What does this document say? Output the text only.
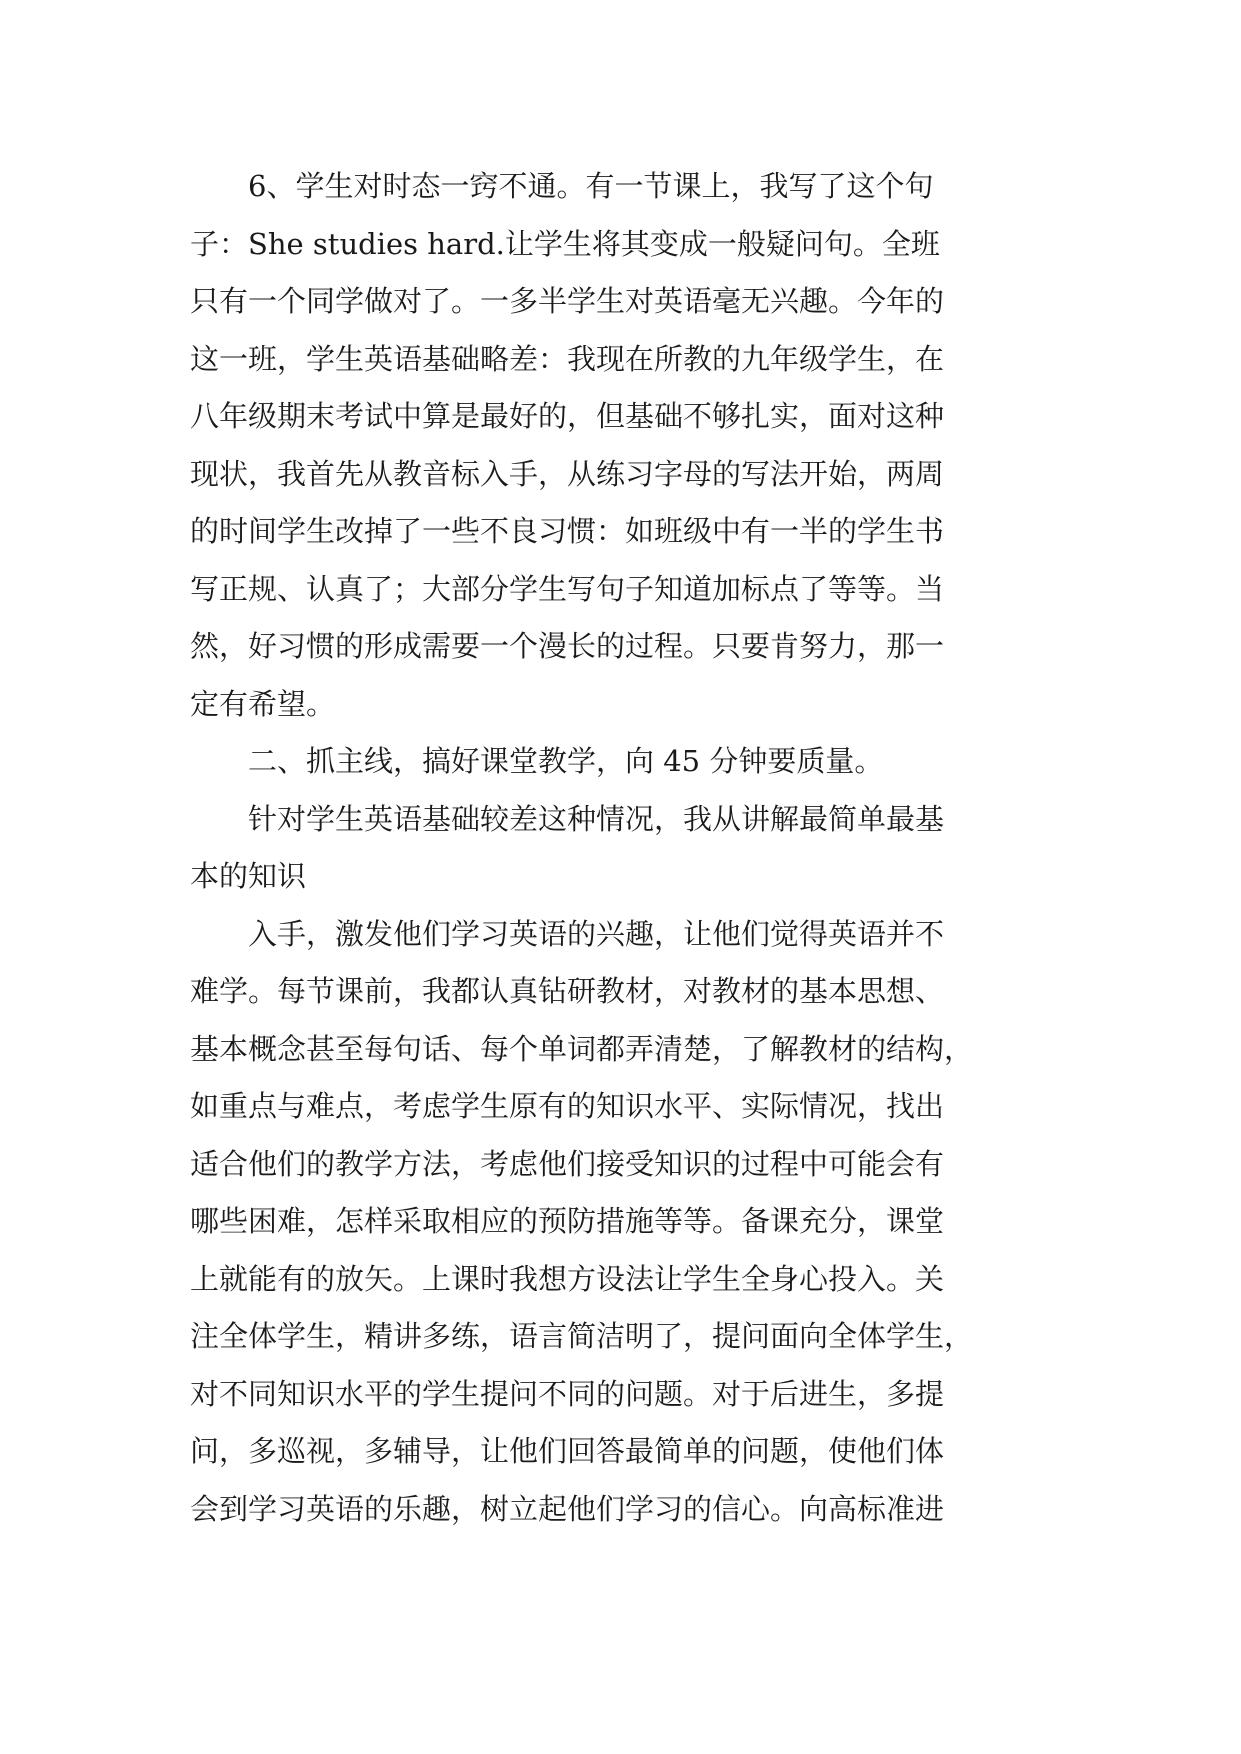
6、学生对时态一窍不通。有一节课上，我写了这个句
子：She studies hard.让学生将其变成一般疑问句。全班
只有一个同学做对了。一多半学生对英语毫无兴趣。今年的
这一班，学生英语基础略差：我现在所教的九年级学生，在
八年级期末考试中算是最好的，但基础不够扎实，面对这种
现状，我首先从教音标入手，从练习字母的写法开始，两周
的时间学生改掉了一些不良习惯：如班级中有一半的学生书
写正规、认真了；大部分学生写句子知道加标点了等等。当
然，好习惯的形成需要一个漫长的过程。只要肯努力，那一
定有希望。
二、抓主线，搞好课堂教学，向 45 分钟要质量。
针对学生英语基础较差这种情况，我从讲解最简单最基
本的知识
入手，激发他们学习英语的兴趣，让他们觉得英语并不
难学。每节课前，我都认真钻研教材，对教材的基本思想、
基本概念甚至每句话、每个单词都弄清楚，了解教材的结构，
如重点与难点，考虑学生原有的知识水平、实际情况，找出
适合他们的教学方法，考虑他们接受知识的过程中可能会有
哪些困难，怎样采取相应的预防措施等等。备课充分，课堂
上就能有的放矢。上课时我想方设法让学生全身心投入。关
注全体学生，精讲多练，语言简洁明了，提问面向全体学生，
对不同知识水平的学生提问不同的问题。对于后进生，多提
问，多巡视，多辅导，让他们回答最简单的问题，使他们体
会到学习英语的乐趣，树立起他们学习的信心。向高标准进
